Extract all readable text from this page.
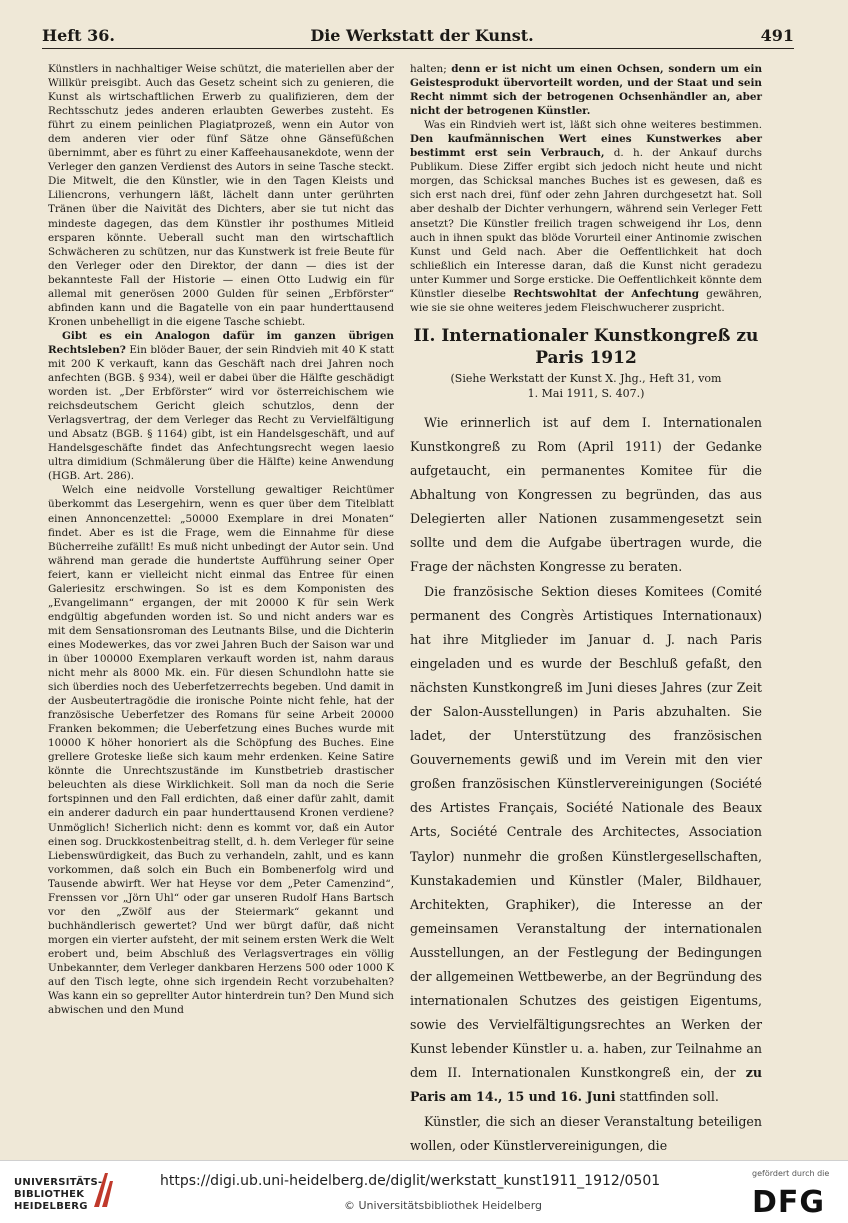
Heft 36.	Die Werkstatt der Kunst.	491

Künstlers in nachhaltiger Weise schützt, die materiellen aber der Willkür preisgibt. Auch das Gesetz scheint sich zu genieren, die Kunst als wirtschaftlichen Erwerb zu qualifizieren, dem der Rechtsschutz jedes anderen erlaubten Gewerbes zusteht. Es führt zu einem peinlichen Plagiatprozeß, wenn ein Autor von dem anderen vier oder fünf Sätze ohne Gänsefüßchen übernimmt, aber es führt zu einer Kaffeehausanekdote, wenn der Verleger den ganzen Verdienst des Autors in seine Tasche steckt. Die Mitwelt, die den Künstler, wie in den Tagen Kleists und Liliencrons, verhungern läßt, lächelt dann unter gerührten Tränen über die Naivität des Dichters, aber sie tut nicht das mindeste dagegen, das dem Künstler ihr posthumes Mitleid ersparen könnte. Ueberall sucht man den wirtschaftlich Schwächeren zu schützen, nur das Kunstwerk ist freie Beute für den Verleger oder den Direktor, der dann — dies ist der bekannteste Fall der Historie — einen Otto Ludwig ein für allemal mit generösen 2000 Gulden für seinen „Erbförster“ abfinden kann und die Bagatelle von ein paar hunderttausend Kronen unbehelligt in die eigene Tasche schiebt.

Gibt es ein Analogon dafür im ganzen übrigen Rechtsleben? Ein blöder Bauer, der sein Rindvieh mit 40 K statt mit 200 K verkauft, kann das Geschäft nach drei Jahren noch anfechten (BGB. § 934), weil er dabei über die Hälfte geschädigt worden ist. „Der Erbförster“ wird vor österreichischem wie reichsdeutschem Gericht gleich schutzlos, denn der Verlagsvertrag, der dem Verleger das Recht zu Vervielfältigung und Absatz (BGB. § 1164) gibt, ist ein Handelsgeschäft, und auf Handelsgeschäfte findet das Anfechtungsrecht wegen laesio ultra dimidium (Schmälerung über die Hälfte) keine Anwendung (HGB. Art. 286).

Welch eine neidvolle Vorstellung gewaltiger Reichtümer überkommt das Lesergehirn, wenn es quer über dem Titelblatt einen Annoncenzettel: „50000 Exemplare in drei Monaten“ findet. Aber es ist die Frage, wem die Einnahme für diese Bücherreihe zufällt! Es muß nicht unbedingt der Autor sein. Und während man gerade die hundertste Aufführung seiner Oper feiert, kann er vielleicht nicht einmal das Entree für einen Galeriesitz erschwingen. So ist es dem Komponisten des „Evangelimann“ ergangen, der mit 20000 K für sein Werk endgültig abgefunden worden ist. So und nicht anders war es mit dem Sensationsroman des Leutnants Bilse, und die Dichterin eines Modewerkes, das vor zwei Jahren Buch der Saison war und in über 100000 Exemplaren verkauft worden ist, nahm daraus nicht mehr als 8000 Mk. ein. Für diesen Schundlohn hatte sie sich überdies noch des Ueberfetzerrechts begeben. Und damit in der Ausbeutertragödie die ironische Pointe nicht fehle, hat der französische Ueberfetzer des Romans für seine Arbeit 20000 Franken bekommen; die Ueberfetzung eines Buches wurde mit 10000 K höher honoriert als die Schöpfung des Buches. Eine grellere Groteske ließe sich kaum mehr erdenken. Keine Satire könnte die Unrechtszustände im Kunstbetrieb drastischer beleuchten als diese Wirklichkeit. Soll man da noch die Serie fortspinnen und den Fall erdichten, daß einer dafür zahlt, damit ein anderer dadurch ein paar hunderttausend Kronen verdiene? Unmöglich! Sicherlich nicht: denn es kommt vor, daß ein Autor einen sog. Druckkostenbeitrag stellt, d. h. dem Verleger für seine Liebenswürdigkeit, das Buch zu verhandeln, zahlt, und es kann vorkommen, daß solch ein Buch ein Bombenerfolg wird und Tausende abwirft. Wer hat Heyse vor dem „Peter Camenzind“, Frenssen vor „Jörn Uhl“ oder gar unseren Rudolf Hans Bartsch vor den „Zwölf aus der Steiermark“ gekannt und buchhändlerisch gewertet? Und wer bürgt dafür, daß nicht morgen ein vierter aufsteht, der mit seinem ersten Werk die Welt erobert und, beim Abschluß des Verlagsvertrages ein völlig Unbekannter, dem Verleger dankbaren Herzens 500 oder 1000 K auf den Tisch legte, ohne sich irgendein Recht vorzubehalten? Was kann ein so geprellter Autor hinterdrein tun? Den Mund sich abwischen und den Mund

halten; denn er ist nicht um einen Ochsen, sondern um ein Geistesprodukt übervorteilt worden, und der Staat und sein Recht nimmt sich der betrogenen Ochsenhändler an, aber nicht der betrogenen Künstler.

Was ein Rindvieh wert ist, läßt sich ohne weiteres bestimmen. Den kaufmännischen Wert eines Kunstwerkes aber bestimmt erst sein Verbrauch, d. h. der Ankauf durchs Publikum. Diese Ziffer ergibt sich jedoch nicht heute und nicht morgen, das Schicksal manches Buches ist es gewesen, daß es sich erst nach drei, fünf oder zehn Jahren durchgesetzt hat. Soll aber deshalb der Dichter verhungern, während sein Verleger Fett ansetzt? Die Künstler freilich tragen schweigend ihr Los, denn auch in ihnen spukt das blöde Vorurteil einer Antinomie zwischen Kunst und Geld nach. Aber die Oeffentlichkeit hat doch schließlich ein Interesse daran, daß die Kunst nicht geradezu unter Kummer und Sorge ersticke. Die Oeffentlichkeit könnte dem Künstler dieselbe Rechtswohltat der Anfechtung gewähren, wie sie sie ohne weiteres jedem Fleischwucherer zuspricht.

II. Internationaler Kunstkongreß zu
Paris 1912
(Siehe Werkstatt der Kunst X. Jhg., Heft 31, vom
1. Mai 1911, S. 407.)

Wie erinnerlich ist auf dem I. Internationalen Kunstkongreß zu Rom (April 1911) der Gedanke aufgetaucht, ein permanentes Komitee für die Abhaltung von Kongressen zu begründen, das aus Delegierten aller Nationen zusammengesetzt sein sollte und dem die Aufgabe übertragen wurde, die Frage der nächsten Kongresse zu beraten.

Die französische Sektion dieses Komitees (Comité permanent des Congrès Artistiques Internationaux) hat ihre Mitglieder im Januar d. J. nach Paris eingeladen und es wurde der Beschluß gefaßt, den nächsten Kunstkongreß im Juni dieses Jahres (zur Zeit der Salon-Ausstellungen) in Paris abzuhalten. Sie ladet, der Unterstützung des französischen Gouvernements gewiß und im Verein mit den vier großen französischen Künstlervereinigungen (Société des Artistes Français, Société Nationale des Beaux Arts, Société Centrale des Architectes, Association Taylor) nunmehr die großen Künstlergesellschaften, Kunstakademien und Künstler (Maler, Bildhauer, Architekten, Graphiker), die Interesse an der gemeinsamen Veranstaltung der internationalen Ausstellungen, an der Festlegung der Bedingungen der allgemeinen Wettbewerbe, an der Begründung des internationalen Schutzes des geistigen Eigentums, sowie des Vervielfältigungsrechtes an Werken der Kunst lebender Künstler u. a. haben, zur Teilnahme an dem II. Internationalen Kunstkongreß ein, der zu Paris am 14., 15 und 16. Juni stattfinden soll.

Künstler, die sich an dieser Veranstaltung beteiligen wollen, oder Künstlervereinigungen, die

UNIVERSITÄTS-
BIBLIOTHEK
HEIDELBERG
https://digi.ub.uni-heidelberg.de/diglit/werkstatt_kunst1911_1912/0501
© Universitätsbibliothek Heidelberg
gefördert durch die
DFG
